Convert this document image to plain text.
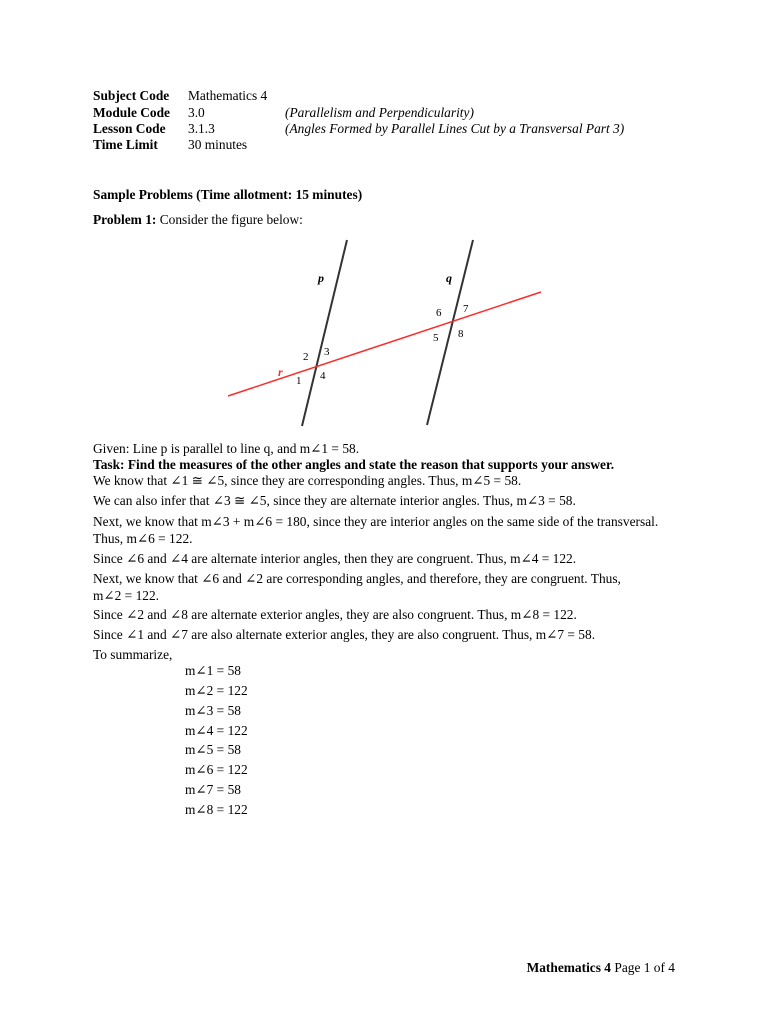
Subject Code Mathematics 4
Module Code 3.0	(Parallelism and Perpendicularity)
Lesson Code 3.1.3	(Angles Formed by Parallel Lines Cut by a Transversal Part 3)
Time Limit 30 minutes
Sample Problems (Time allotment: 15 minutes)
Problem 1: Consider the figure below:
p	q
r
1
2 3
4
5
6 7
8
Given: Line p is parallel to line q, and m∠1 = 58.
Task: Find the measures of the other angles and state the reason that supports your answer.
We know that ∠1 ≅ ∠5, since they are corresponding angles. Thus, m∠5 = 58.
We can also infer that ∠3 ≅ ∠5, since they are alternate interior angles. Thus, m∠3 = 58.
Next, we know that m∠3 + m∠6 = 180, since they are interior angles on the same side of the transversal.
Thus, m∠6 = 122.
Since ∠6 and ∠4 are alternate interior angles, then they are congruent. Thus, m∠4 = 122.
Next, we know that ∠6 and ∠2 are corresponding angles, and therefore, they are congruent. Thus,
m∠2 = 122.
Since ∠2 and ∠8 are alternate exterior angles, they are also congruent. Thus, m∠8 = 122.
Since ∠1 and ∠7 are also alternate exterior angles, they are also congruent. Thus, m∠7 = 58.
To summarize,
m∠1 = 58
m∠2 = 122
m∠3 = 58
m∠4 = 122
m∠5 = 58
m∠6 = 122
m∠7 = 58
m∠8 = 122
Mathematics 4 Page 1 of 4
